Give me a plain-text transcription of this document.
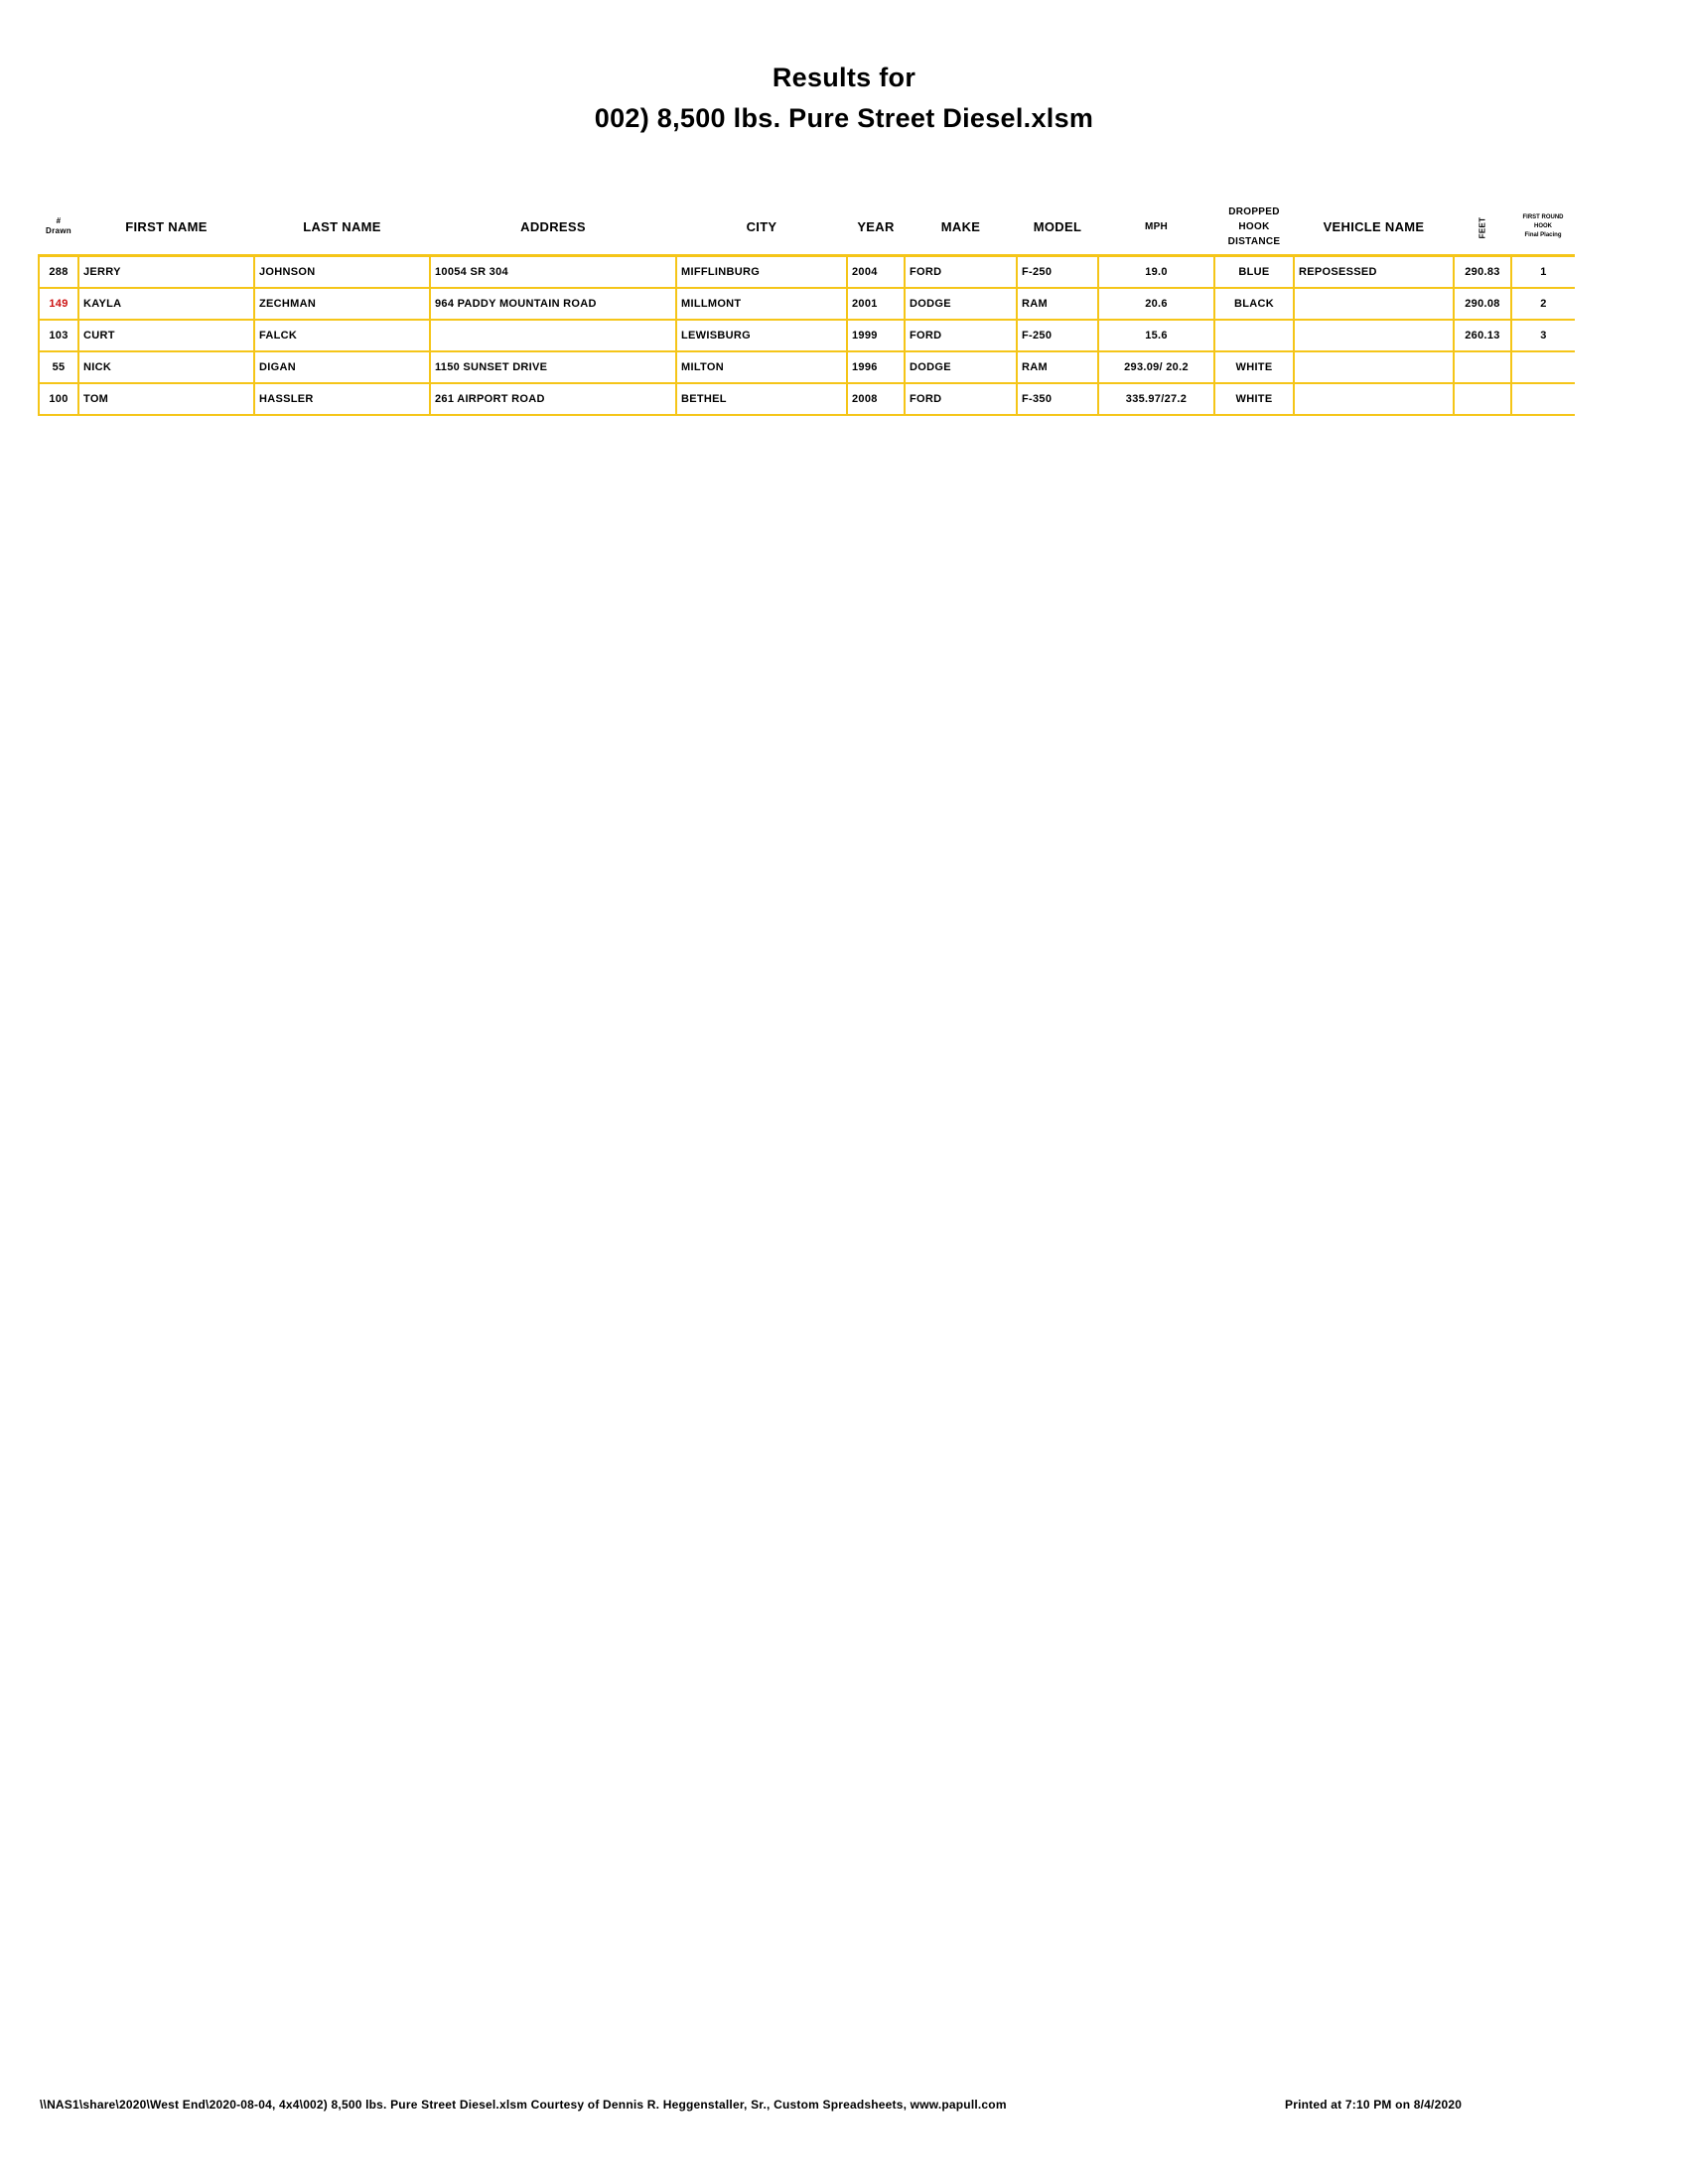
Results for
002) 8,500 lbs. Pure Street Diesel.xlsm
#
Drawn	FIRST NAME	LAST NAME	ADDRESS	CITY	YEAR	MAKE	MODEL	MPH	DROPPED
HOOK
DISTANCE	VEHICLE NAME	FEET	FIRST ROUND
HOOK
Final Placing
288	JERRY	JOHNSON	10054 SR 304	MIFFLINBURG	2004	FORD	F-250	19.0	BLUE	REPOSESSED	290.83	1
149	KAYLA	ZECHMAN	964 PADDY MOUNTAIN ROAD	MILLMONT	2001	DODGE	RAM	20.6	BLACK		290.08	2
103	CURT	FALCK		LEWISBURG	1999	FORD	F-250	15.6			260.13	3
55	NICK	DIGAN	1150 SUNSET DRIVE	MILTON	1996	DODGE	RAM	293.09/ 20.2	WHITE			
100	TOM	HASSLER	261 AIRPORT ROAD	BETHEL	2008	FORD	F-350	335.97/27.2	WHITE			
\\NAS1\share\2020\West End\2020-08-04, 4x4\002) 8,500 lbs. Pure Street Diesel.xlsm Courtesy of Dennis R. Heggenstaller, Sr., Custom Spreadsheets, www.papull.com	Printed at 7:10 PM on 8/4/2020
